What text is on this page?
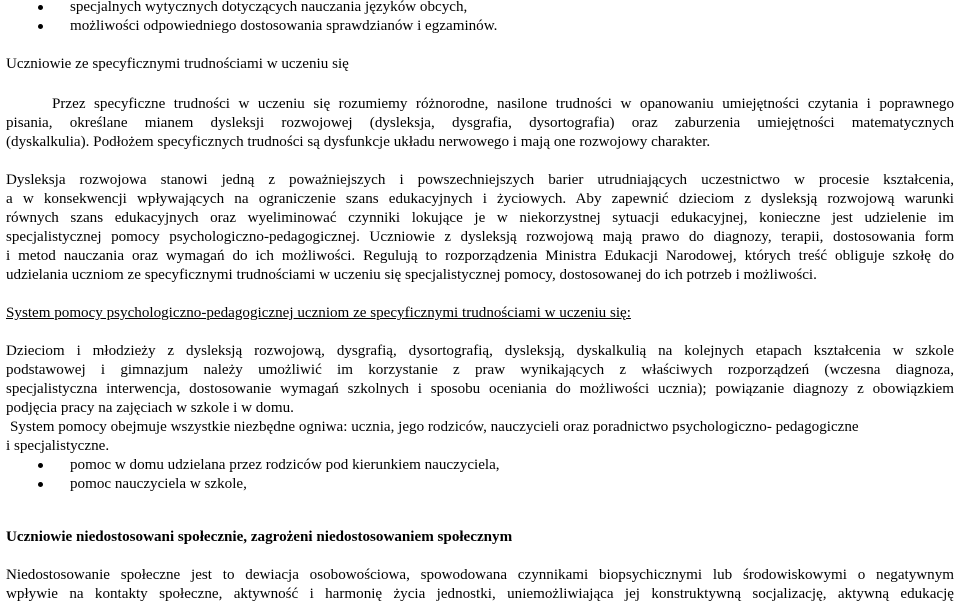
specjalnych wytycznych dotyczących nauczania języków obcych,
możliwości odpowiedniego dostosowania sprawdzianów i egzaminów.
Uczniowie ze specyficznymi trudnościami w uczeniu się
Przez specyficzne trudności w uczeniu się rozumiemy różnorodne, nasilone trudności w opanowaniu umiejętności czytania i poprawnego
pisania, określane mianem dysleksji rozwojowej (dysleksja, dysgrafia, dysortografia) oraz zaburzenia umiejętności matematycznych
(dyskalkulia). Podłożem specyficznych trudności są dysfunkcje układu nerwowego i mają one rozwojowy charakter.
Dysleksja rozwojowa stanowi jedną z poważniejszych i powszechniejszych barier utrudniających uczestnictwo w procesie kształcenia,
a w konsekwencji wpływających na ograniczenie szans edukacyjnych i życiowych. Aby zapewnić dzieciom z dysleksją rozwojową warunki
równych szans edukacyjnych oraz wyeliminować czynniki lokujące je w niekorzystnej sytuacji edukacyjnej, konieczne jest udzielenie im
specjalistycznej pomocy psychologiczno-pedagogicznej. Uczniowie z dysleksją rozwojową mają prawo do diagnozy, terapii, dostosowania form
i metod nauczania oraz wymagań do ich możliwości. Regulują to rozporządzenia Ministra Edukacji Narodowej, których treść obliguje szkołę do
udzielania uczniom ze specyficznymi trudnościami w uczeniu się specjalistycznej pomocy, dostosowanej do ich potrzeb i możliwości.
System pomocy psychologiczno-pedagogicznej uczniom ze specyficznymi trudnościami w uczeniu się:
Dzieciom i młodzieży z dysleksją rozwojową, dysgrafią, dysortografią, dysleksją, dyskalkulią na kolejnych etapach kształcenia w szkole
podstawowej i gimnazjum należy umożliwić im korzystanie z praw wynikających z właściwych rozporządzeń (wczesna diagnoza,
specjalistyczna interwencja, dostosowanie wymagań szkolnych i sposobu oceniania do możliwości ucznia); powiązanie diagnozy z obowiązkiem
podjęcia pracy na zajęciach w szkole i w domu.
System pomocy obejmuje wszystkie niezbędne ogniwa: ucznia, jego rodziców, nauczycieli oraz poradnictwo psychologiczno- pedagogiczne
i specjalistyczne.
pomoc w domu udzielana przez rodziców pod kierunkiem nauczyciela,
pomoc nauczyciela w szkole,
Uczniowie niedostosowani społecznie, zagrożeni niedostosowaniem społecznym
Niedostosowanie społeczne jest to dewiacja osobowościowa, spowodowana czynnikami biopsychicznymi lub środowiskowymi o negatywnym
wpływie na kontakty społeczne, aktywność i harmonię życia jednostki, uniemożliwiająca jej konstruktywną socjalizację, aktywną edukację
